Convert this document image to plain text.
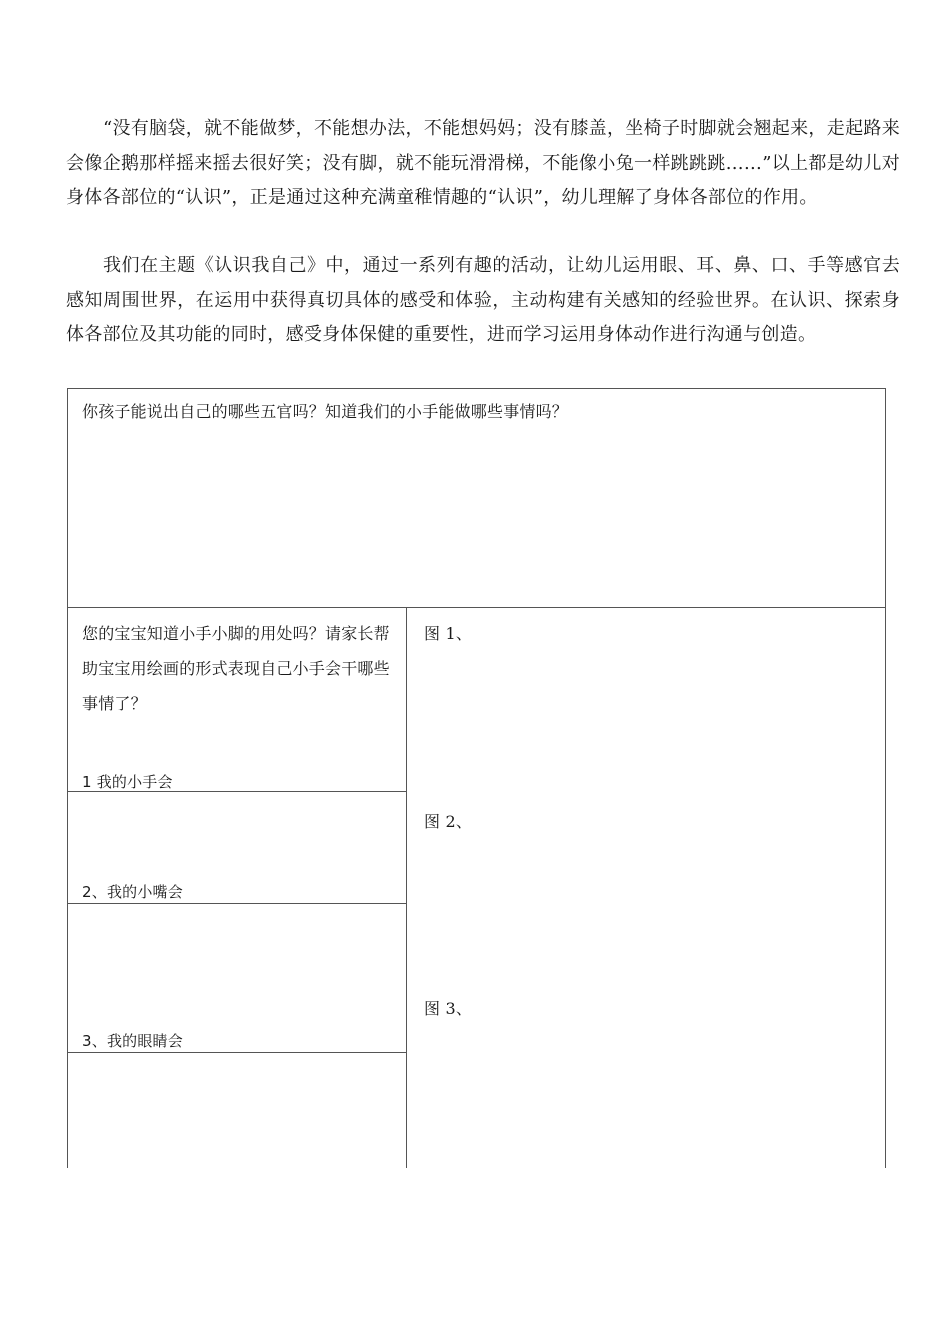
“没有脑袋，就不能做梦，不能想办法，不能想妈妈；没有膝盖，坐椅子时脚就会翘起来，走起路来会像企鹅那样摇来摇去很好笑；没有脚，就不能玩滑滑梯，不能像小兔一样跳跳跳……”以上都是幼儿对身体各部位的“认识”，正是通过这种充满童稚情趣的“认识”，幼儿理解了身体各部位的作用。

我们在主题《认识我自己》中，通过一系列有趣的活动，让幼儿运用眼、耳、鼻、口、手等感官去感知周围世界，在运用中获得真切具体的感受和体验，主动构建有关感知的经验世界。在认识、探索身体各部位及其功能的同时，感受身体保健的重要性，进而学习运用身体动作进行沟通与创造。

你孩子能说出自己的哪些五官吗？知道我们的小手能做哪些事情吗？
您的宝宝知道小手小脚的用处吗？请家长帮助宝宝用绘画的形式表现自己小手会干哪些事情了？
1 我的小手会
2、我的小嘴会
3、我的眼睛会
图 1、
图 2、
图 3、
